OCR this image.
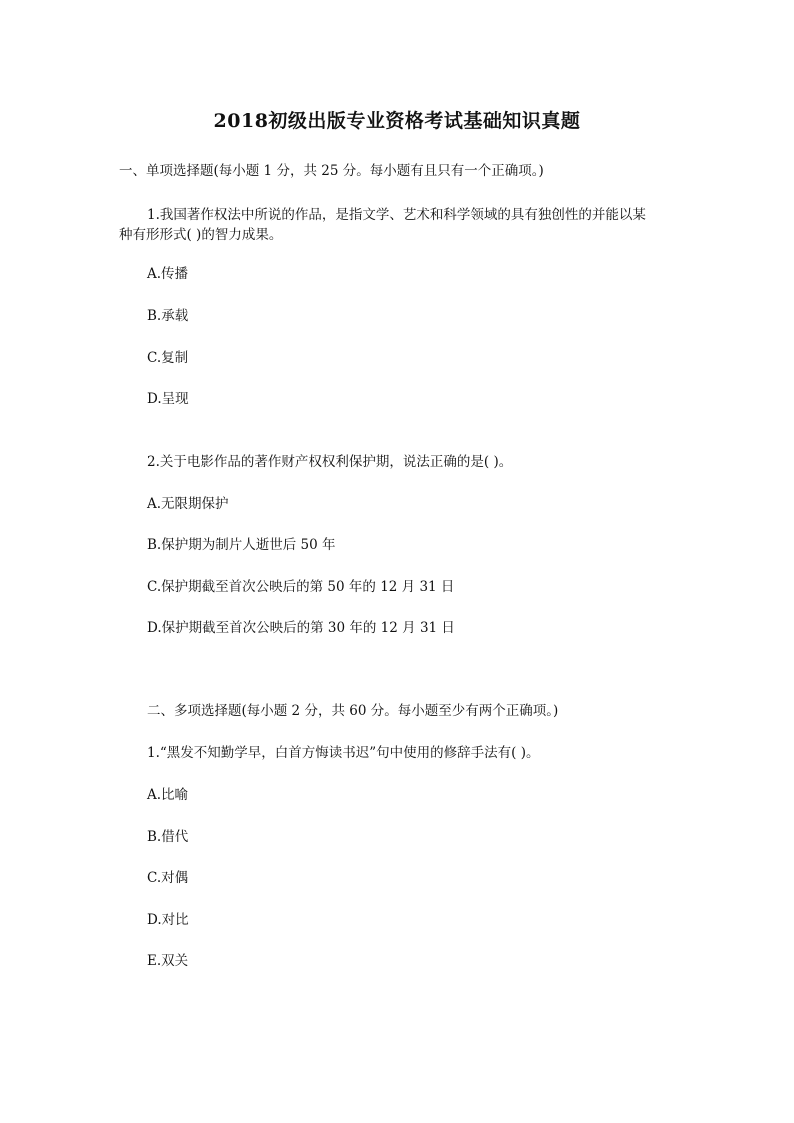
2018初级出版专业资格考试基础知识真题
一、单项选择题(每小题 1 分，共 25 分。每小题有且只有一个正确项。)
1.我国著作权法中所说的作品，是指文学、艺术和科学领域的具有独创性的并能以某
种有形形式( )的智力成果。
A.传播
B.承载
C.复制
D.呈现
2.关于电影作品的著作财产权权利保护期，说法正确的是( )。
A.无限期保护
B.保护期为制片人逝世后 50 年
C.保护期截至首次公映后的第 50 年的 12 月 31 日
D.保护期截至首次公映后的第 30 年的 12 月 31 日
二、多项选择题(每小题 2 分，共 60 分。每小题至少有两个正确项。)
1.“黑发不知勤学早，白首方悔读书迟”句中使用的修辞手法有( )。
A.比喻
B.借代
C.对偶
D.对比
E.双关
